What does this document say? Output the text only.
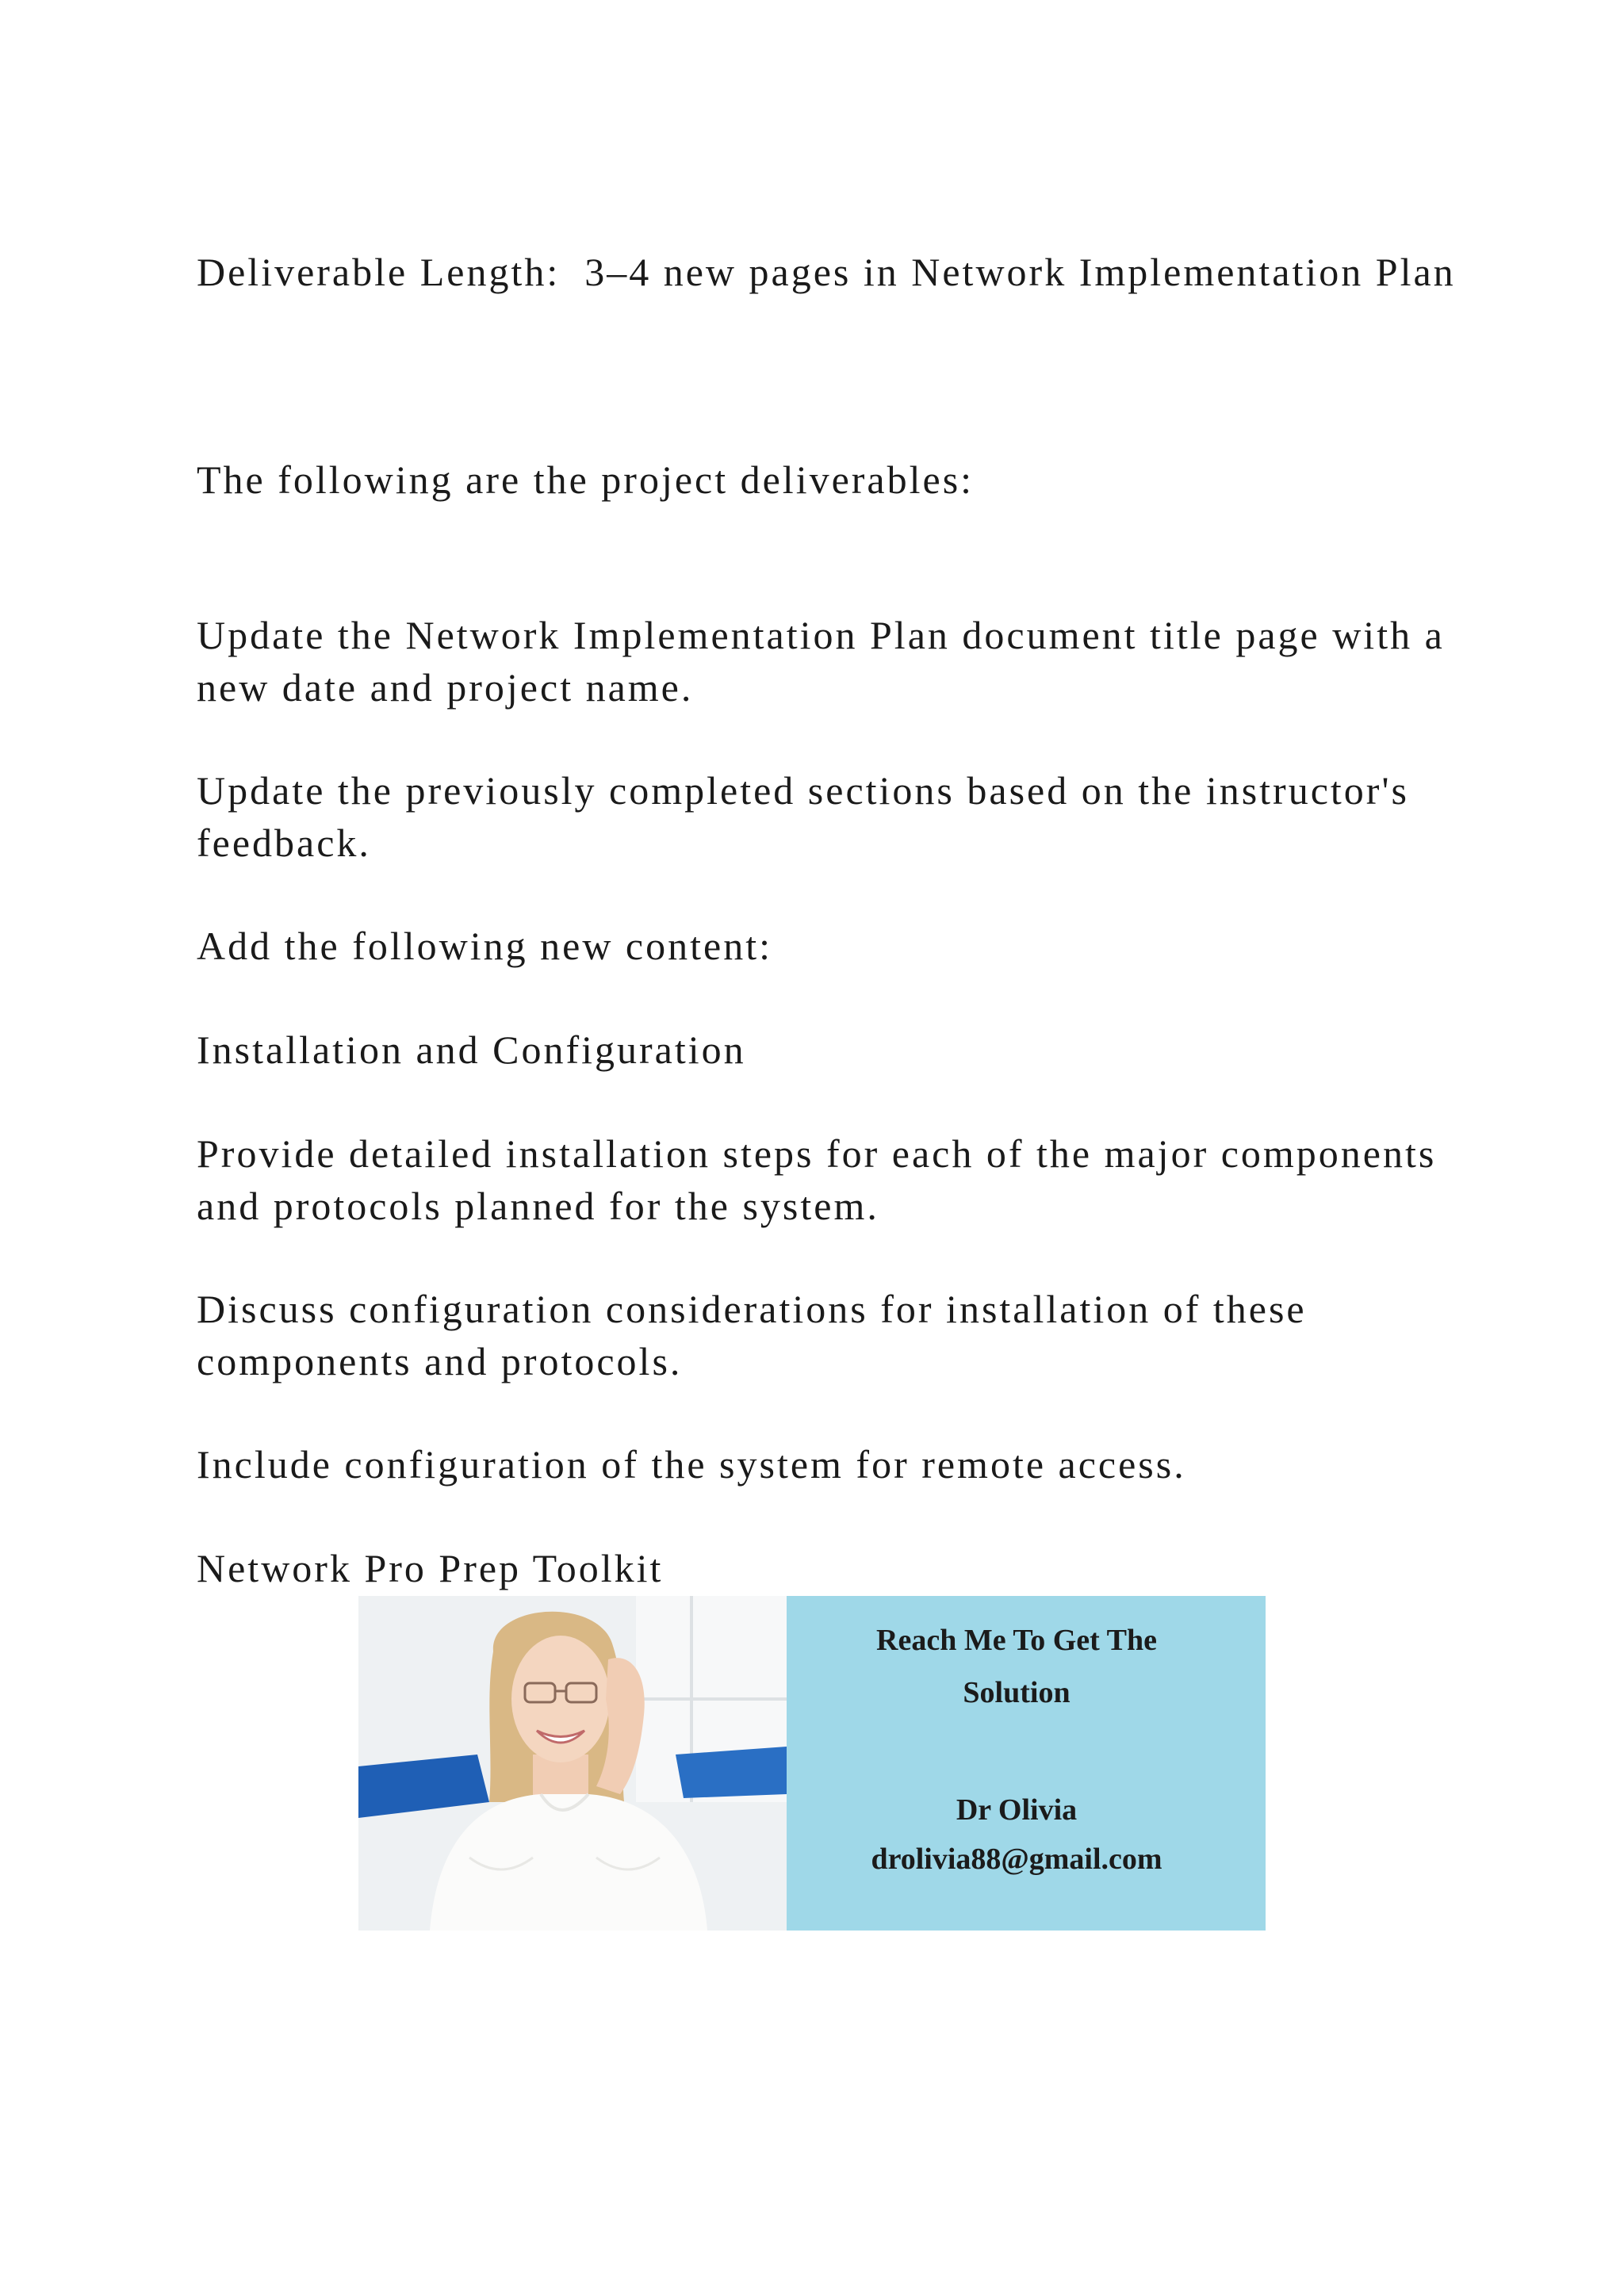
Deliverable Length:  3–4 new pages in Network Implementation Plan

The following are the project deliverables:

Update the Network Implementation Plan document title page with a new date and project name.

Update the previously completed sections based on the instructor's feedback.

Add the following new content:

Installation and Configuration

Provide detailed installation steps for each of the major components and protocols planned for the system.

Discuss configuration considerations for installation of these components and protocols.

Include configuration of the system for remote access.

Network Pro Prep Toolkit

Reach Me To Get The
Solution
Dr Olivia
drolivia88@gmail.com
